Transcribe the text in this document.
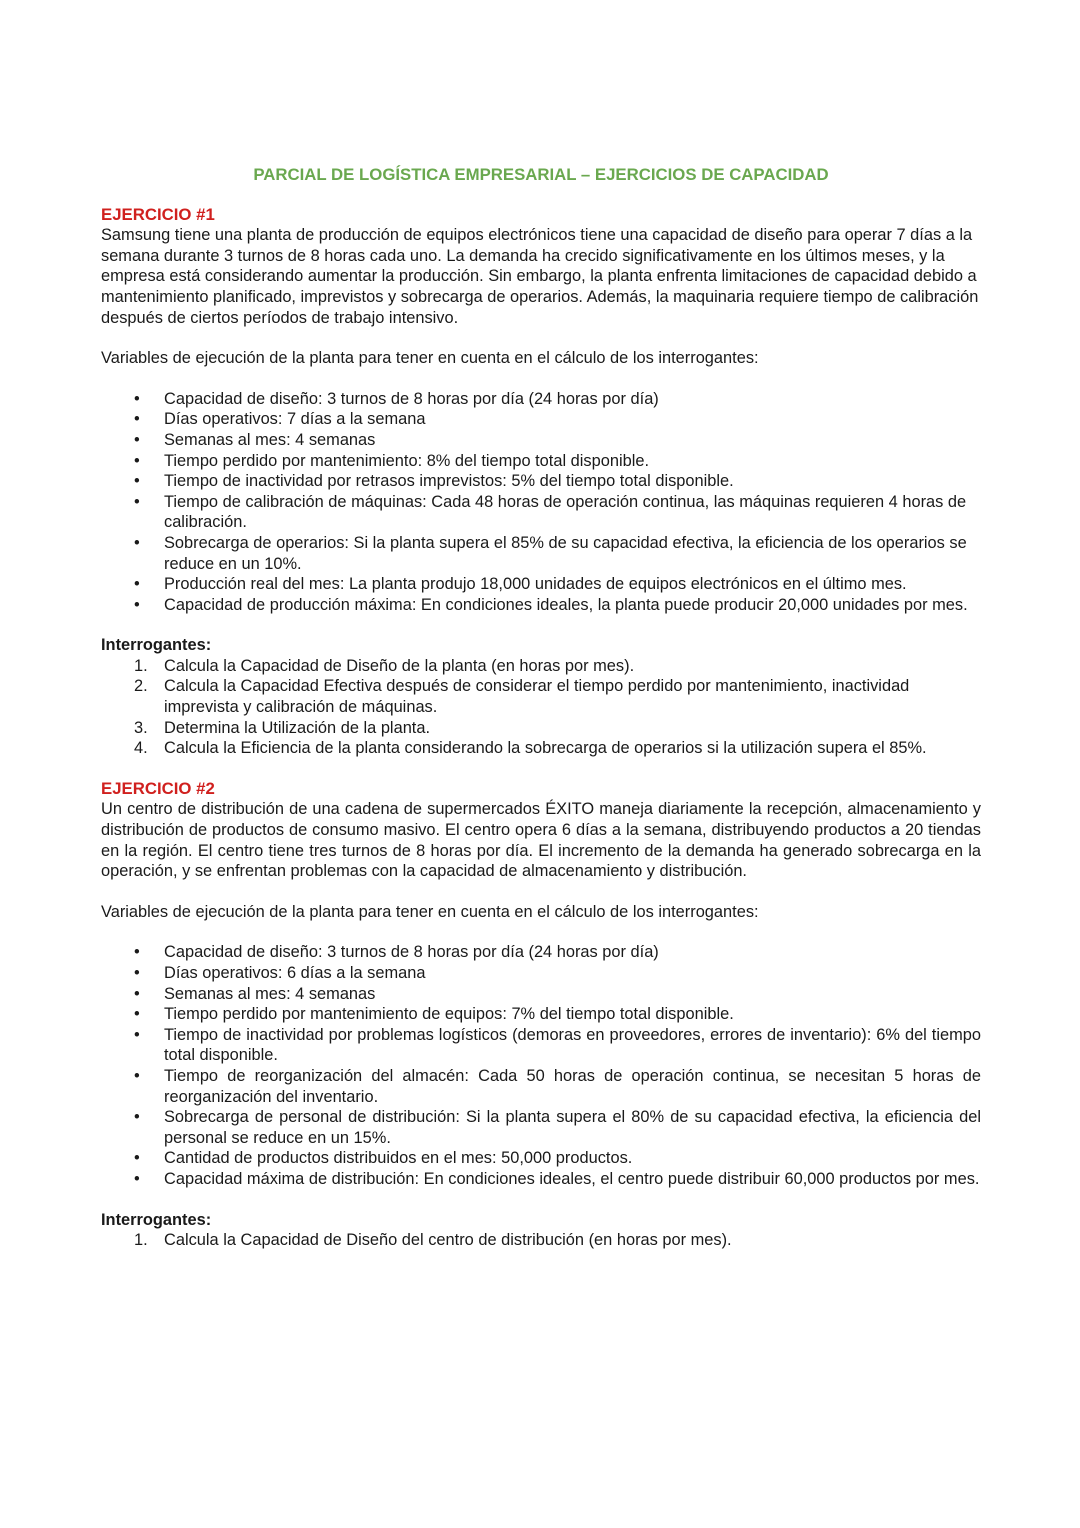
PARCIAL DE LOGÍSTICA EMPRESARIAL – EJERCICIOS DE CAPACIDAD
EJERCICIO #1

Samsung tiene una planta de producción de equipos electrónicos tiene una capacidad de diseño para operar 7 días a la semana durante 3 turnos de 8 horas cada uno. La demanda ha crecido significativamente en los últimos meses, y la empresa está considerando aumentar la producción. Sin embargo, la planta enfrenta limitaciones de capacidad debido a mantenimiento planificado, imprevistos y sobrecarga de operarios. Además, la maquinaria requiere tiempo de calibración después de ciertos períodos de trabajo intensivo.

Variables de ejecución de la planta para tener en cuenta en el cálculo de los interrogantes:

• Capacidad de diseño: 3 turnos de 8 horas por día (24 horas por día)
• Días operativos: 7 días a la semana
• Semanas al mes: 4 semanas
• Tiempo perdido por mantenimiento: 8% del tiempo total disponible.
• Tiempo de inactividad por retrasos imprevistos: 5% del tiempo total disponible.
• Tiempo de calibración de máquinas: Cada 48 horas de operación continua, las máquinas requieren 4 horas de calibración.
• Sobrecarga de operarios: Si la planta supera el 85% de su capacidad efectiva, la eficiencia de los operarios se reduce en un 10%.
• Producción real del mes: La planta produjo 18,000 unidades de equipos electrónicos en el último mes.
• Capacidad de producción máxima: En condiciones ideales, la planta puede producir 20,000 unidades por mes.
Interrogantes:
1. Calcula la Capacidad de Diseño de la planta (en horas por mes).
2. Calcula la Capacidad Efectiva después de considerar el tiempo perdido por mantenimiento, inactividad imprevista y calibración de máquinas.
3. Determina la Utilización de la planta.
4. Calcula la Eficiencia de la planta considerando la sobrecarga de operarios si la utilización supera el 85%.
EJERCICIO #2

Un centro de distribución de una cadena de supermercados ÉXITO maneja diariamente la recepción, almacenamiento y distribución de productos de consumo masivo. El centro opera 6 días a la semana, distribuyendo productos a 20 tiendas en la región. El centro tiene tres turnos de 8 horas por día. El incremento de la demanda ha generado sobrecarga en la operación, y se enfrentan problemas con la capacidad de almacenamiento y distribución.

Variables de ejecución de la planta para tener en cuenta en el cálculo de los interrogantes:

• Capacidad de diseño: 3 turnos de 8 horas por día (24 horas por día)
• Días operativos: 6 días a la semana
• Semanas al mes: 4 semanas
• Tiempo perdido por mantenimiento de equipos: 7% del tiempo total disponible.
• Tiempo de inactividad por problemas logísticos (demoras en proveedores, errores de inventario): 6% del tiempo total disponible.
• Tiempo de reorganización del almacén: Cada 50 horas de operación continua, se necesitan 5 horas de reorganización del inventario.
• Sobrecarga de personal de distribución: Si la planta supera el 80% de su capacidad efectiva, la eficiencia del personal se reduce en un 15%.
• Cantidad de productos distribuidos en el mes: 50,000 productos.
• Capacidad máxima de distribución: En condiciones ideales, el centro puede distribuir 60,000 productos por mes.
Interrogantes:
1. Calcula la Capacidad de Diseño del centro de distribución (en horas por mes).
